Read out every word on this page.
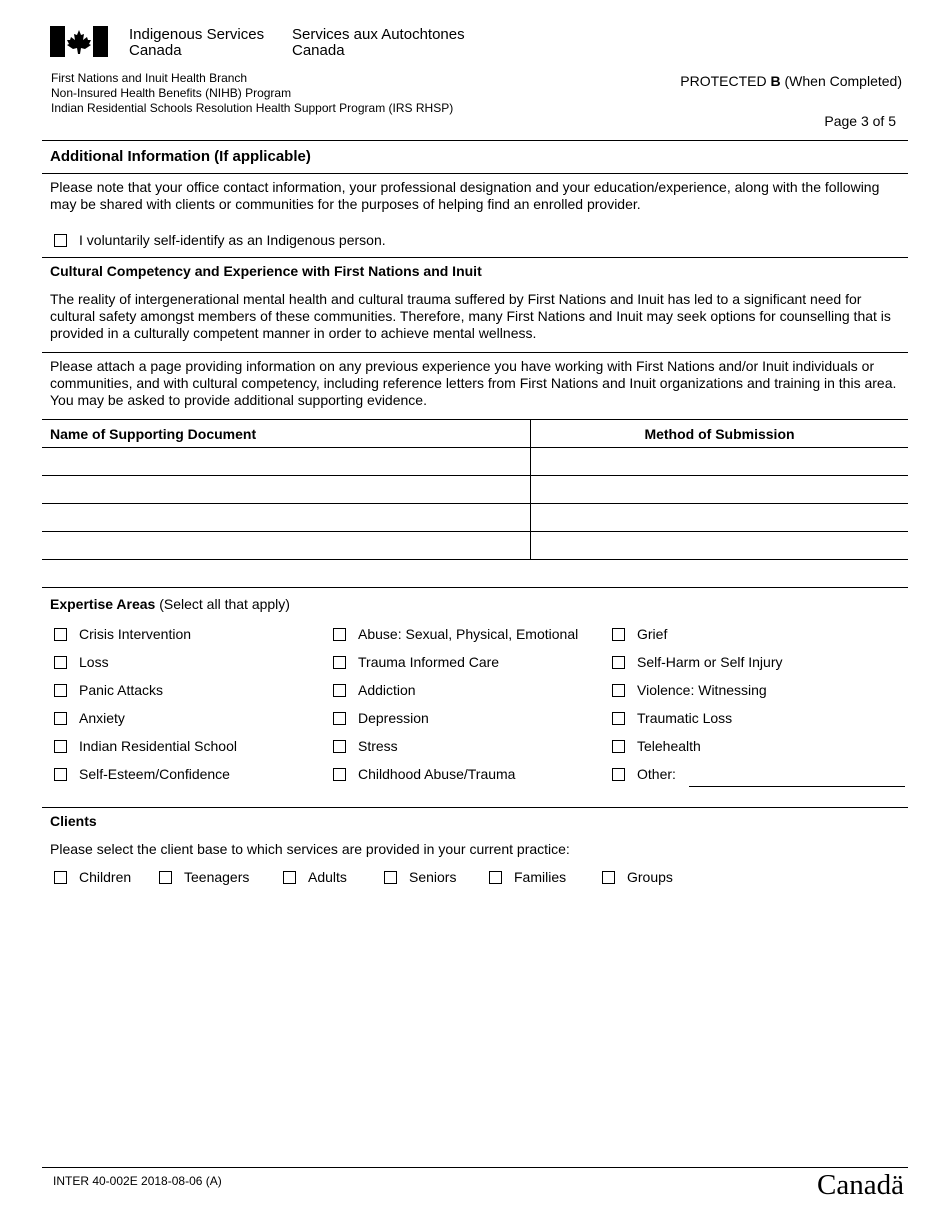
Indigenous Services
Canada
Services aux Autochtones
Canada
First Nations and Inuit Health Branch
Non-Insured Health Benefits (NIHB) Program
Indian Residential Schools Resolution Health Support Program (IRS RHSP)
PROTECTED B (When Completed)
Page 3 of 5
Additional Information (If applicable)
Please note that your office contact information, your professional designation and your education/experience, along with the following may be shared with clients or communities for the purposes of helping find an enrolled provider.
I voluntarily self-identify as an Indigenous person.
Cultural Competency and Experience with First Nations and Inuit
The reality of intergenerational mental health and cultural trauma suffered by First Nations and Inuit has led to a significant need for cultural safety amongst members of these communities. Therefore, many First Nations and Inuit may seek options for counselling that is provided in a culturally competent manner in order to achieve mental wellness.
Please attach a page providing information on any previous experience you have working with First Nations and/or Inuit individuals or communities, and with cultural competency, including reference letters from First Nations and Inuit organizations and training in this area. You may be asked to provide additional supporting evidence.
Name of Supporting Document	Method of Submission

Expertise Areas (Select all that apply)
Crisis Intervention
Loss
Panic Attacks
Anxiety
Indian Residential School
Self-Esteem/Confidence
Abuse: Sexual, Physical, Emotional
Trauma Informed Care
Addiction
Depression
Stress
Childhood Abuse/Trauma
Grief
Self-Harm or Self Injury
Violence: Witnessing
Traumatic Loss
Telehealth
Other:
Clients
Please select the client base to which services are provided in your current practice:
Children	Teenagers	Adults	Seniors	Families	Groups
INTER 40-002E 2018-08-06 (A)	Canadä
